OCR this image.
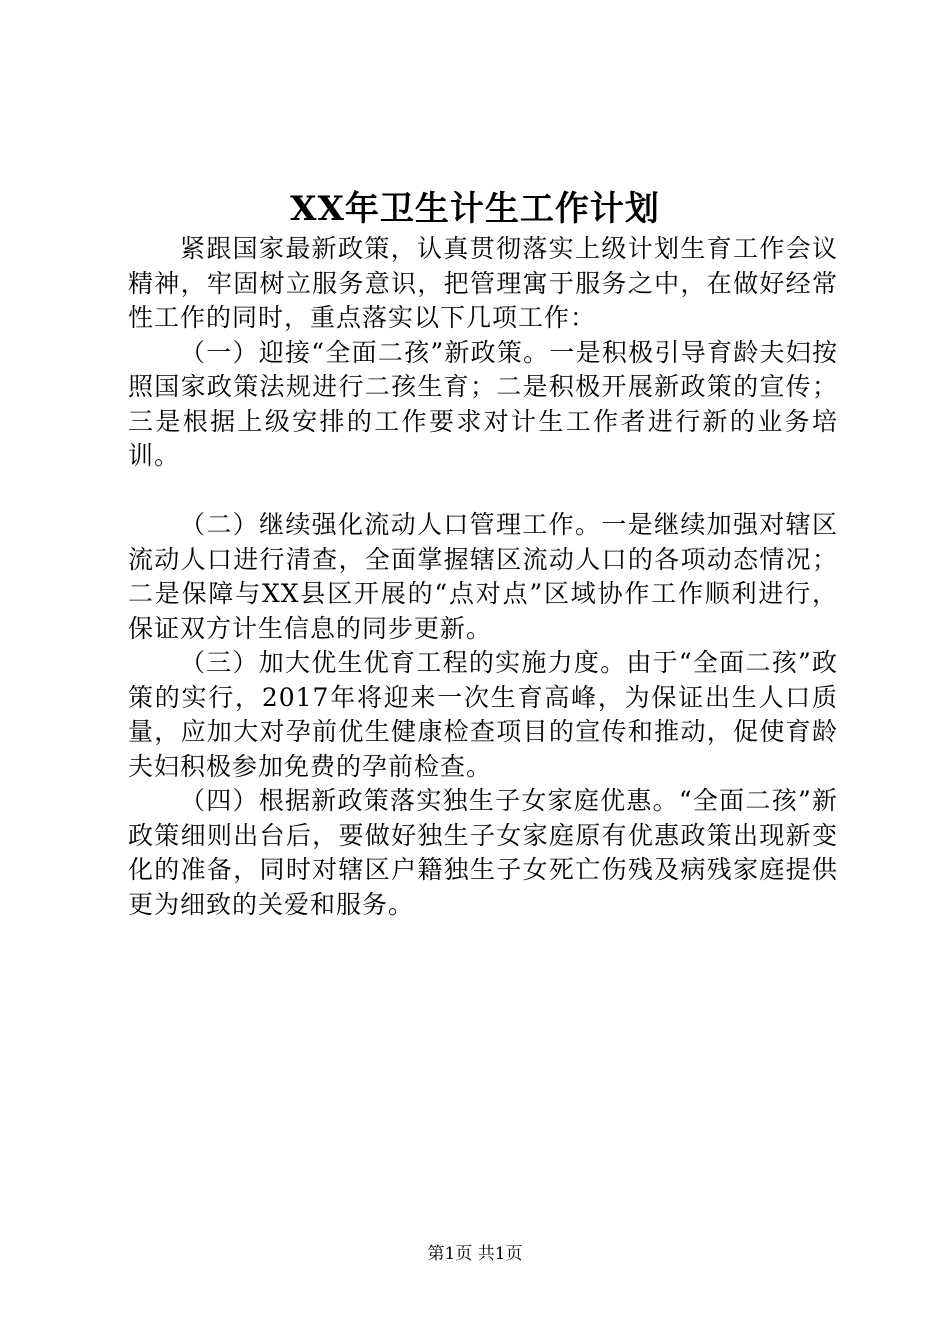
XX年卫生计生工作计划

紧跟国家最新政策，认真贯彻落实上级计划生育工作会议精神，牢固树立服务意识，把管理寓于服务之中，在做好经常性工作的同时，重点落实以下几项工作：

（一）迎接“全面二孩”新政策。一是积极引导育龄夫妇按照国家政策法规进行二孩生育；二是积极开展新政策的宣传；三是根据上级安排的工作要求对计生工作者进行新的业务培训。

（二）继续强化流动人口管理工作。一是继续加强对辖区流动人口进行清查，全面掌握辖区流动人口的各项动态情况；二是保障与XX县区开展的“点对点”区域协作工作顺利进行，保证双方计生信息的同步更新。

（三）加大优生优育工程的实施力度。由于“全面二孩”政策的实行，2017年将迎来一次生育高峰，为保证出生人口质量，应加大对孕前优生健康检查项目的宣传和推动，促使育龄夫妇积极参加免费的孕前检查。

（四）根据新政策落实独生子女家庭优惠。“全面二孩”新政策细则出台后，要做好独生子女家庭原有优惠政策出现新变化的准备，同时对辖区户籍独生子女死亡伤残及病残家庭提供更为细致的关爱和服务。

第1页 共1页
